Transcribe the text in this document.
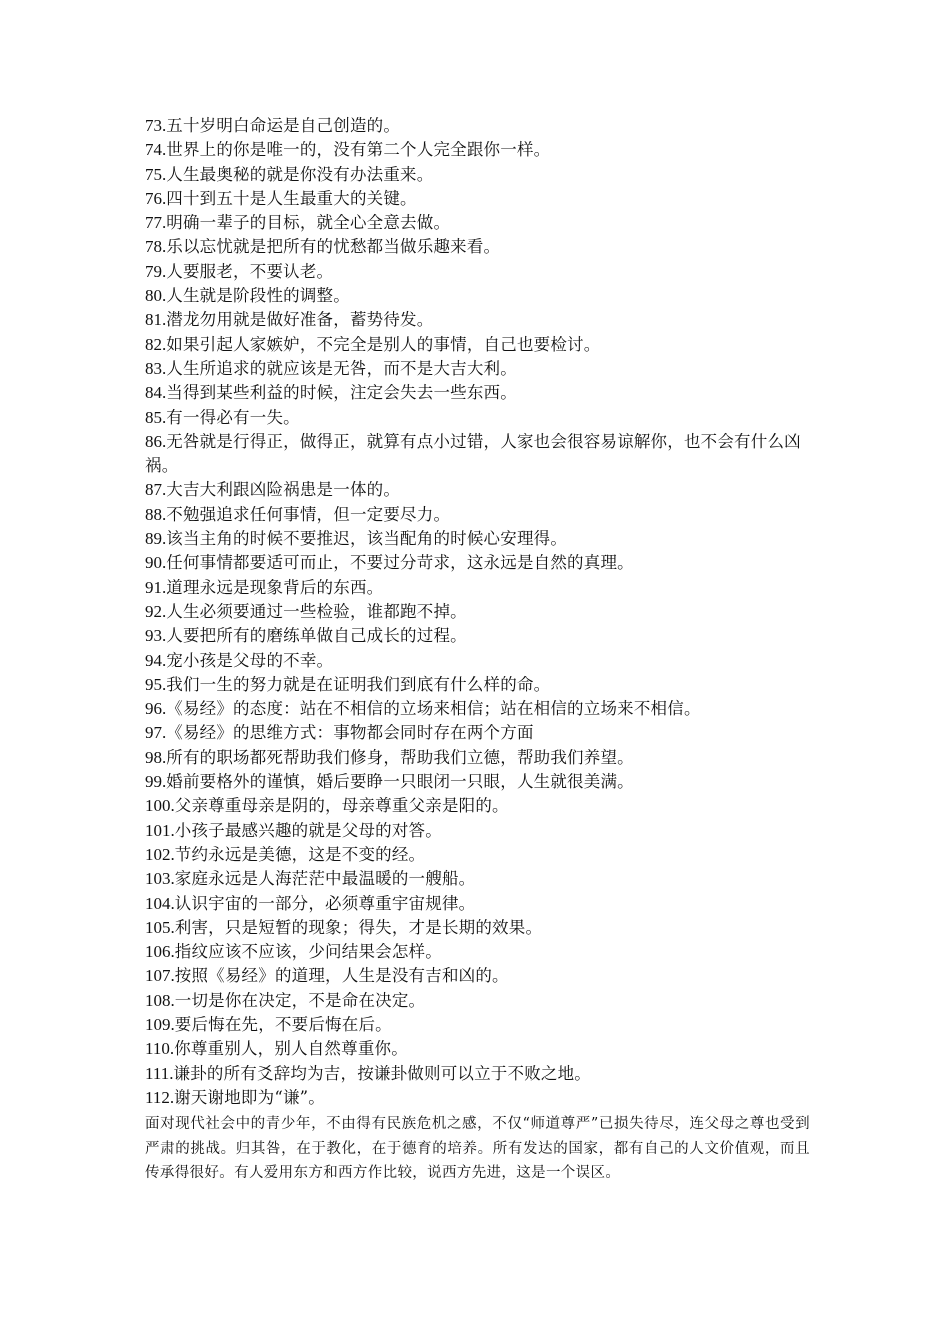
73.五十岁明白命运是自己创造的。

74.世界上的你是唯一的，没有第二个人完全跟你一样。

75.人生最奥秘的就是你没有办法重来。

76.四十到五十是人生最重大的关键。

77.明确一辈子的目标，就全心全意去做。

78.乐以忘忧就是把所有的忧愁都当做乐趣来看。

79.人要服老，不要认老。

80.人生就是阶段性的调整。

81.潜龙勿用就是做好准备，蓄势待发。

82.如果引起人家嫉妒，不完全是别人的事情，自己也要检讨。

83.人生所追求的就应该是无咎，而不是大吉大利。

84.当得到某些利益的时候，注定会失去一些东西。

85.有一得必有一失。

86.无咎就是行得正，做得正，就算有点小过错，人家也会很容易谅解你，也不会有什么凶祸。

87.大吉大利跟凶险祸患是一体的。

88.不勉强追求任何事情，但一定要尽力。

89.该当主角的时候不要推迟，该当配角的时候心安理得。

90.任何事情都要适可而止，不要过分苛求，这永远是自然的真理。

91.道理永远是现象背后的东西。

92.人生必须要通过一些检验，谁都跑不掉。

93.人要把所有的磨练单做自己成长的过程。

94.宠小孩是父母的不幸。

95.我们一生的努力就是在证明我们到底有什么样的命。

96.《易经》的态度：站在不相信的立场来相信；站在相信的立场来不相信。

97.《易经》的思维方式：事物都会同时存在两个方面

98.所有的职场都死帮助我们修身，帮助我们立德，帮助我们养望。

99.婚前要格外的谨慎，婚后要睁一只眼闭一只眼，人生就很美满。

100.父亲尊重母亲是阴的，母亲尊重父亲是阳的。

101.小孩子最感兴趣的就是父母的对答。

102.节约永远是美德，这是不变的经。

103.家庭永远是人海茫茫中最温暖的一艘船。

104.认识宇宙的一部分，必须尊重宇宙规律。

105.利害，只是短暂的现象；得失，才是长期的效果。

106.指纹应该不应该，少问结果会怎样。

107.按照《易经》的道理，人生是没有吉和凶的。

108.一切是你在决定，不是命在决定。

109.要后悔在先，不要后悔在后。

110.你尊重别人，别人自然尊重你。

111.谦卦的所有爻辞均为吉，按谦卦做则可以立于不败之地。

112.谢天谢地即为“谦”。

面对现代社会中的青少年，不由得有民族危机之感，不仅“师道尊严”已损失待尽，连父母之尊也受到严肃的挑战。归其咎，在于教化，在于德育的培养。所有发达的国家，都有自己的人文价值观，而且传承得很好。有人爱用东方和西方作比较，说西方先进，这是一个误区。
